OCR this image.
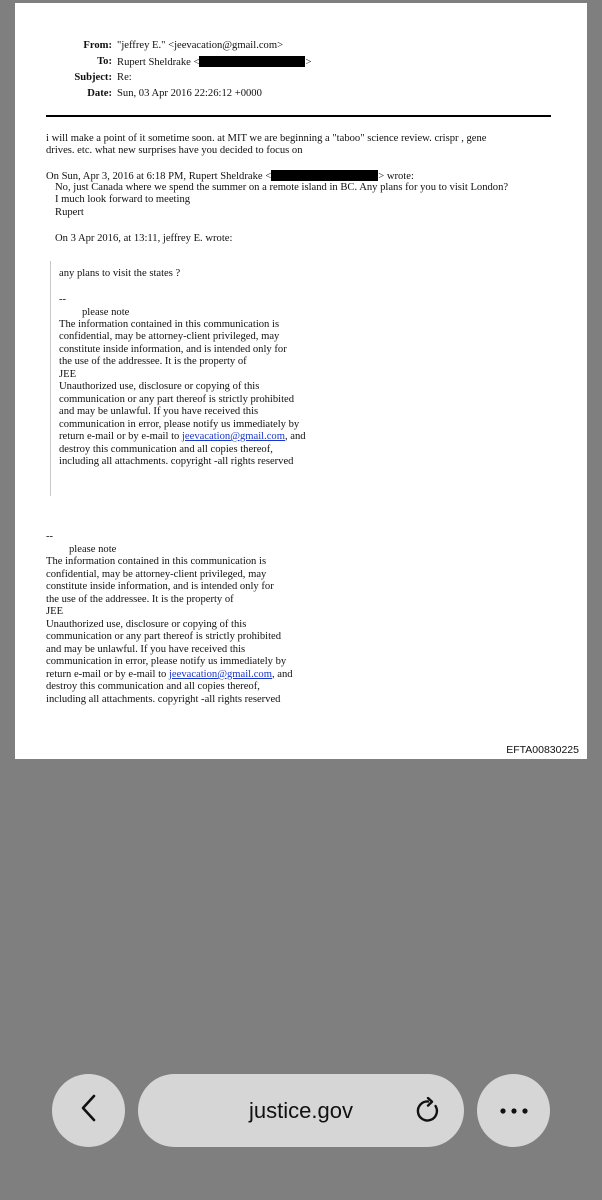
From: "jeffrey E." <jeevacation@gmail.com>
To: Rupert Sheldrake <	>
Subject: Re:
Date: Sun, 03 Apr 2016 22:26:12 +0000
i will make a point of it sometime soon. at MIT we are beginning a "taboo" science review. crispr , gene
drives. etc. what new surprises have you decided to focus on
On Sun, Apr 3, 2016 at 6:18 PM, Rupert Sheldrake <	> wrote:
No, just Canada where we spend the summer on a remote island in BC. Any plans for you to visit London?
I much look forward to meeting
Rupert
On 3 Apr 2016, at 13:11, jeffrey E. wrote:
any plans to visit the states ?
--
please note
The information contained in this communication is
confidential, may be attorney-client privileged, may
constitute inside information, and is intended only for
the use of the addressee. It is the property of
JEE
Unauthorized use, disclosure or copying of this
communication or any part thereof is strictly prohibited
and may be unlawful. If you have received this
communication in error, please notify us immediately by
return e-mail or by e-mail to jeevacation@gmail.com, and
destroy this communication and all copies thereof,
including all attachments. copyright -all rights reserved
--
please note
The information contained in this communication is
confidential, may be attorney-client privileged, may
constitute inside information, and is intended only for
the use of the addressee. It is the property of
JEE
Unauthorized use, disclosure or copying of this
communication or any part thereof is strictly prohibited
and may be unlawful. If you have received this
communication in error, please notify us immediately by
return e-mail or by e-mail to jeevacation@gmail.com, and
destroy this communication and all copies thereof,
including all attachments. copyright -all rights reserved
EFTA00830225
justice.gov
